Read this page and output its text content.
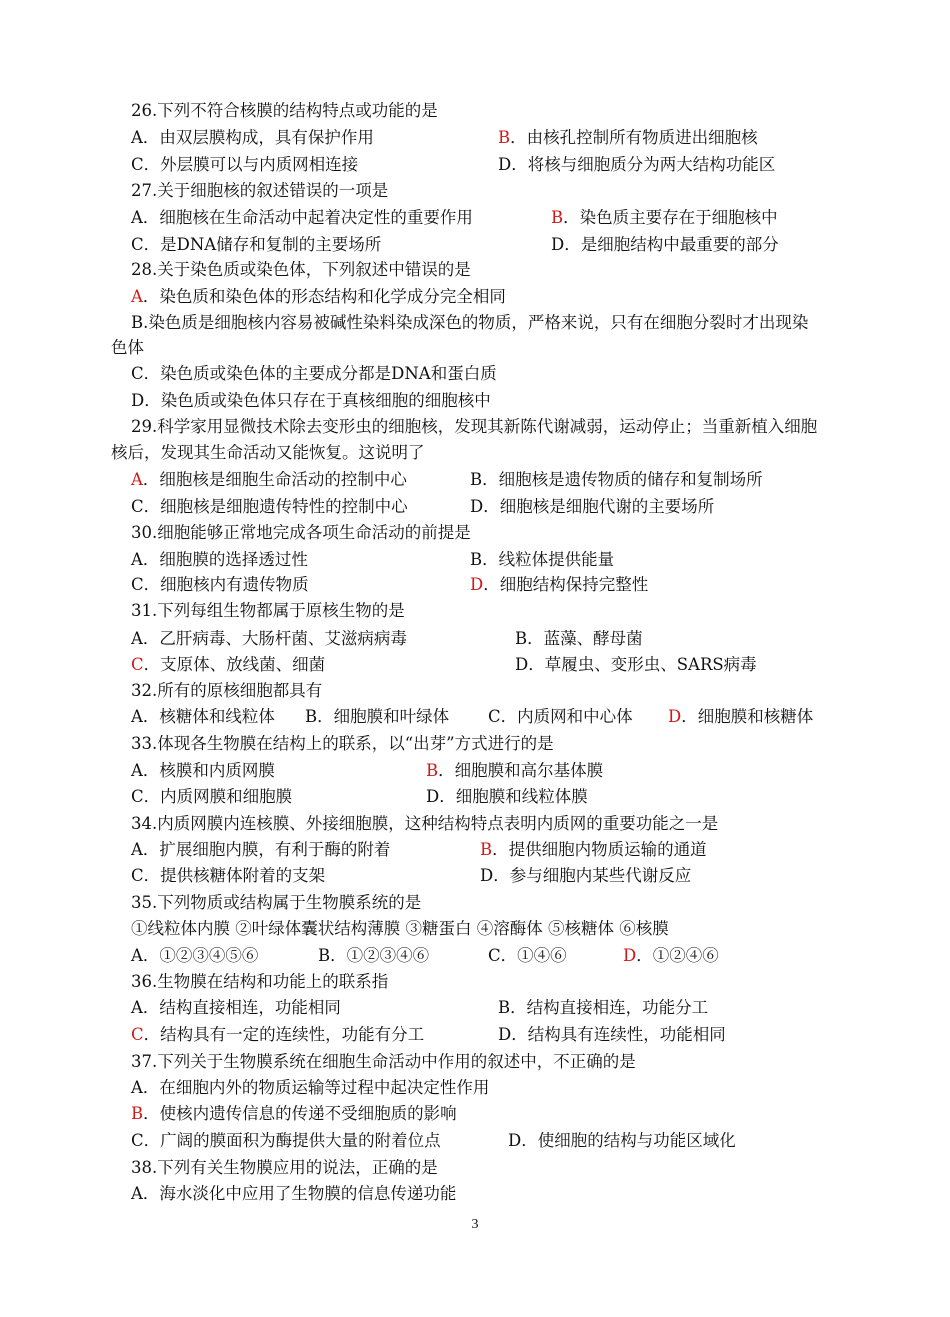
26.下列不符合核膜的结构特点或功能的是
A．由双层膜构成，具有保护作用	B．由核孔控制所有物质进出细胞核
C．外层膜可以与内质网相连接	D．将核与细胞质分为两大结构功能区
27.关于细胞核的叙述错误的一项是
A．细胞核在生命活动中起着决定性的重要作用	B．染色质主要存在于细胞核中
C．是DNA储存和复制的主要场所	D．是细胞结构中最重要的部分
28.关于染色质或染色体，下列叙述中错误的是
A．染色质和染色体的形态结构和化学成分完全相同
B.染色质是细胞核内容易被碱性染料染成深色的物质，严格来说，只有在细胞分裂时才出现染
色体
C．染色质或染色体的主要成分都是DNA和蛋白质
D．染色质或染色体只存在于真核细胞的细胞核中
29.科学家用显微技术除去变形虫的细胞核，发现其新陈代谢减弱，运动停止；当重新植入细胞
核后，发现其生命活动又能恢复。这说明了
A．细胞核是细胞生命活动的控制中心	B．细胞核是遗传物质的储存和复制场所
C．细胞核是细胞遗传特性的控制中心	D．细胞核是细胞代谢的主要场所
30.细胞能够正常地完成各项生命活动的前提是
A．细胞膜的选择透过性	B．线粒体提供能量
C．细胞核内有遗传物质	D．细胞结构保持完整性
31.下列每组生物都属于原核生物的是
A．乙肝病毒、大肠杆菌、艾滋病病毒	B．蓝藻、酵母菌
C．支原体、放线菌、细菌	D．草履虫、变形虫、SARS病毒
32.所有的原核细胞都具有
A．核糖体和线粒体 B．细胞膜和叶绿体 C．内质网和中心体 D．细胞膜和核糖体
33.体现各生物膜在结构上的联系，以“出芽”方式进行的是
A．核膜和内质网膜	B．细胞膜和高尔基体膜
C．内质网膜和细胞膜	D．细胞膜和线粒体膜
34.内质网膜内连核膜、外接细胞膜，这种结构特点表明内质网的重要功能之一是
A．扩展细胞内膜，有利于酶的附着	B．提供细胞内物质运输的通道
C．提供核糖体附着的支架	D．参与细胞内某些代谢反应
35.下列物质或结构属于生物膜系统的是
①线粒体内膜 ②叶绿体囊状结构薄膜 ③糖蛋白 ④溶酶体 ⑤核糖体 ⑥核膜
A．①②③④⑤⑥	B．①②③④⑥	C．①④⑥	D．①②④⑥
36.生物膜在结构和功能上的联系指
A．结构直接相连，功能相同	B．结构直接相连，功能分工
C．结构具有一定的连续性，功能有分工	D．结构具有连续性，功能相同
37.下列关于生物膜系统在细胞生命活动中作用的叙述中，不正确的是
A．在细胞内外的物质运输等过程中起决定性作用
B．使核内遗传信息的传递不受细胞质的影响
C．广阔的膜面积为酶提供大量的附着位点	D．使细胞的结构与功能区域化
38.下列有关生物膜应用的说法，正确的是
A．海水淡化中应用了生物膜的信息传递功能
3
